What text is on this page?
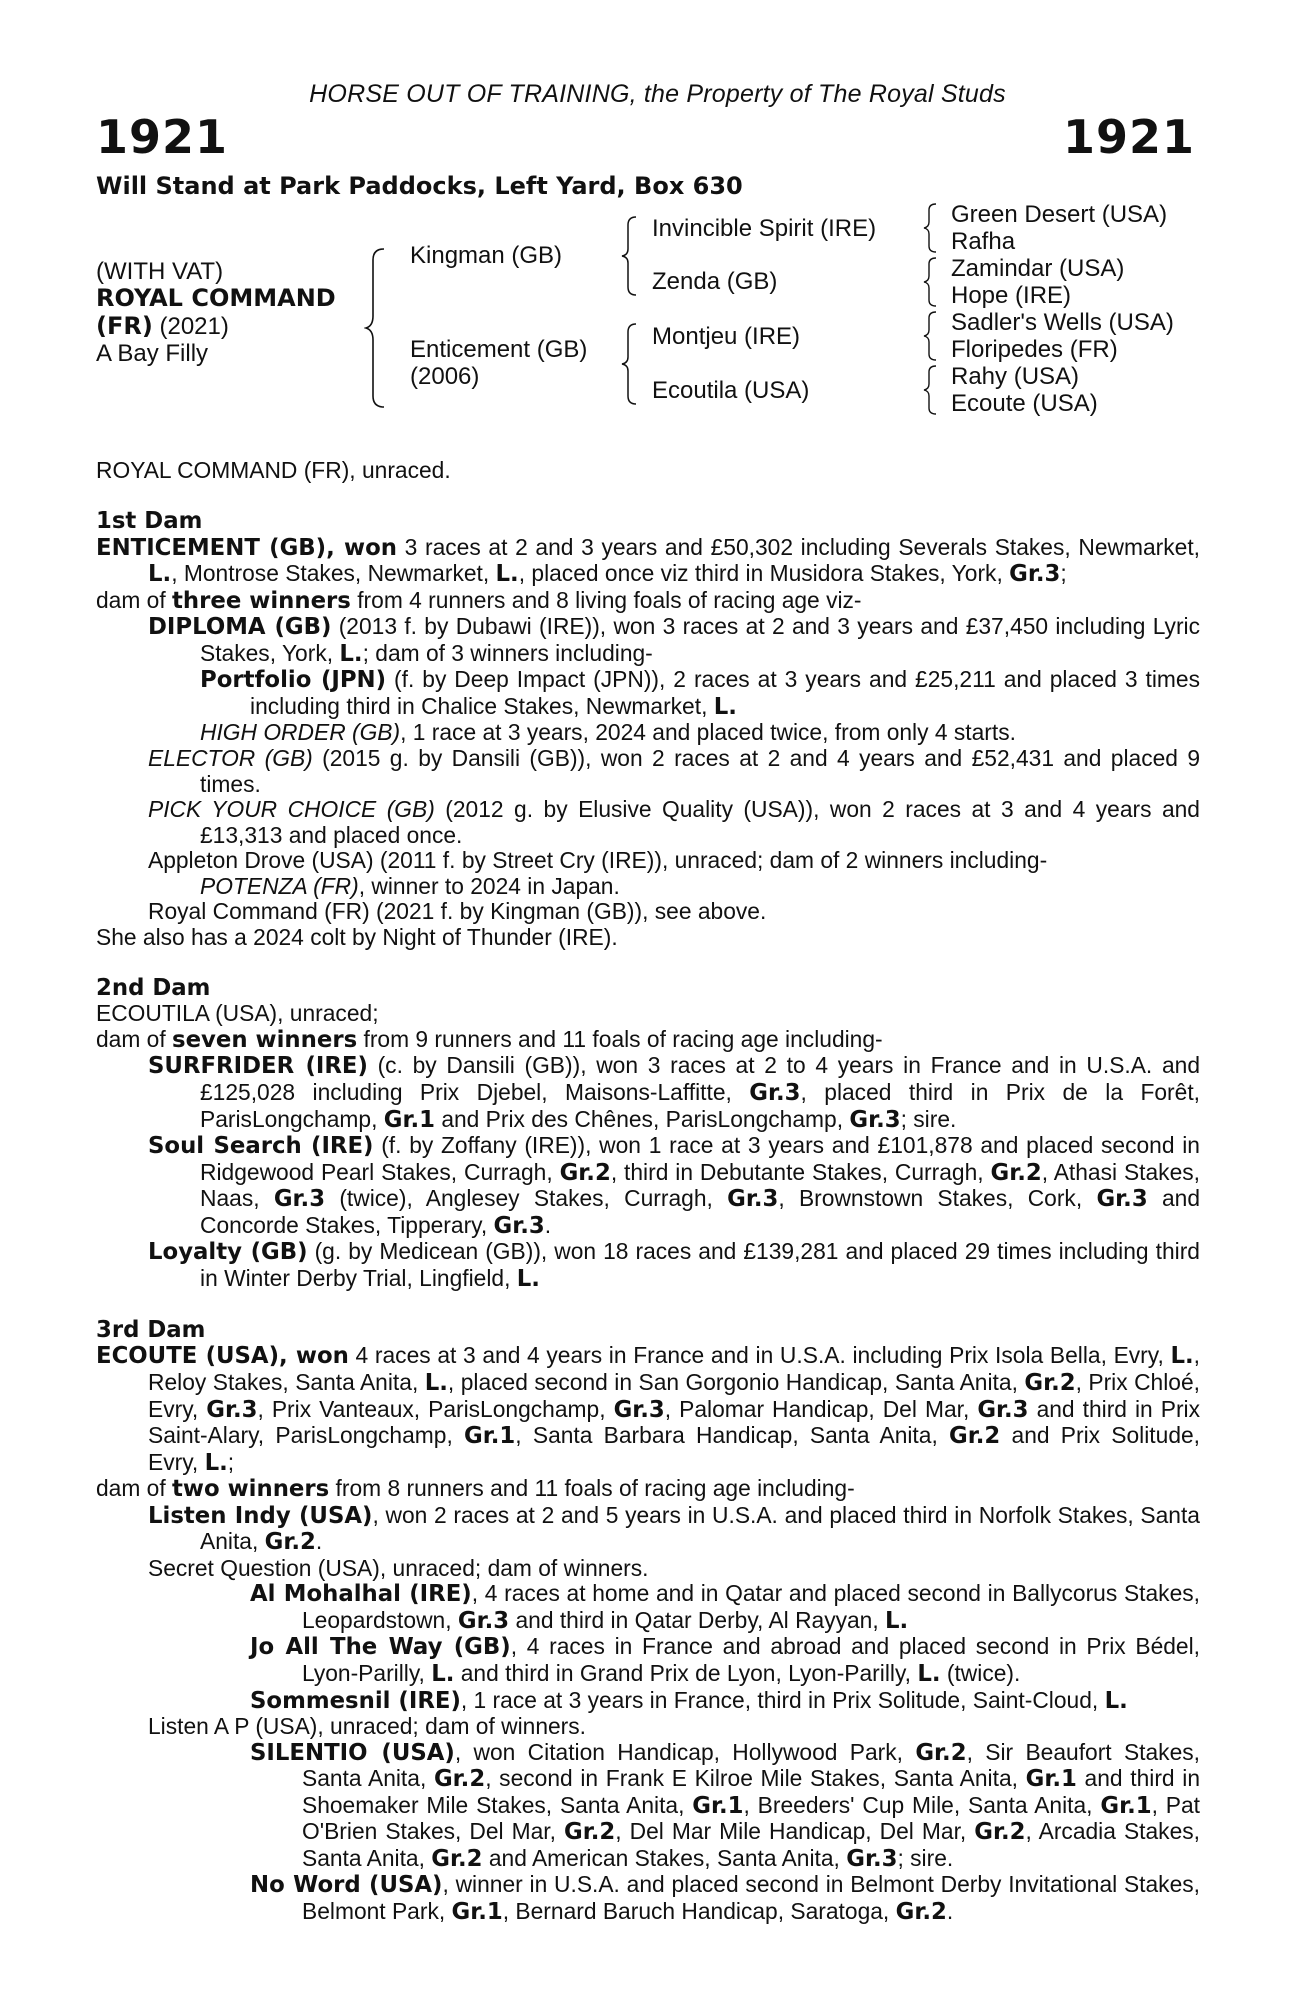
HORSE OUT OF TRAINING, the Property of The Royal Studs
1921	1921
Will Stand at Park Paddocks, Left Yard, Box 630
(WITH VAT)
ROYAL COMMAND
(FR) (2021)
A Bay Filly
Kingman (GB)
Enticement (GB)
(2006)
Invincible Spirit (IRE)
Zenda (GB)
Montjeu (IRE)
Ecoutila (USA)
Green Desert (USA)
Rafha
Zamindar (USA)
Hope (IRE)
Sadler's Wells (USA)
Floripedes (FR)
Rahy (USA)
Ecoute (USA)

ROYAL COMMAND (FR), unraced.

1st Dam

ENTICEMENT (GB), won 3 races at 2 and 3 years and £50,302 including Severals Stakes, Newmarket, L., Montrose Stakes, Newmarket, L., placed once viz third in Musidora Stakes, York, Gr.3;

dam of three winners from 4 runners and 8 living foals of racing age viz-

DIPLOMA (GB) (2013 f. by Dubawi (IRE)), won 3 races at 2 and 3 years and £37,450 including Lyric Stakes, York, L.; dam of 3 winners including-

Portfolio (JPN) (f. by Deep Impact (JPN)), 2 races at 3 years and £25,211 and placed 3 times including third in Chalice Stakes, Newmarket, L.

HIGH ORDER (GB), 1 race at 3 years, 2024 and placed twice, from only 4 starts.

ELECTOR (GB) (2015 g. by Dansili (GB)), won 2 races at 2 and 4 years and £52,431 and placed 9 times.

PICK YOUR CHOICE (GB) (2012 g. by Elusive Quality (USA)), won 2 races at 3 and 4 years and £13,313 and placed once.

Appleton Drove (USA) (2011 f. by Street Cry (IRE)), unraced; dam of 2 winners including-

POTENZA (FR), winner to 2024 in Japan.

Royal Command (FR) (2021 f. by Kingman (GB)), see above.

She also has a 2024 colt by Night of Thunder (IRE).

2nd Dam

ECOUTILA (USA), unraced;

dam of seven winners from 9 runners and 11 foals of racing age including-

SURFRIDER (IRE) (c. by Dansili (GB)), won 3 races at 2 to 4 years in France and in U.S.A. and £125,028 including Prix Djebel, Maisons-Laffitte, Gr.3, placed third in Prix de la Forêt, ParisLongchamp, Gr.1 and Prix des Chênes, ParisLongchamp, Gr.3; sire.

Soul Search (IRE) (f. by Zoffany (IRE)), won 1 race at 3 years and £101,878 and placed second in Ridgewood Pearl Stakes, Curragh, Gr.2, third in Debutante Stakes, Curragh, Gr.2, Athasi Stakes, Naas, Gr.3 (twice), Anglesey Stakes, Curragh, Gr.3, Brownstown Stakes, Cork, Gr.3 and Concorde Stakes, Tipperary, Gr.3.

Loyalty (GB) (g. by Medicean (GB)), won 18 races and £139,281 and placed 29 times including third in Winter Derby Trial, Lingfield, L.

3rd Dam

ECOUTE (USA), won 4 races at 3 and 4 years in France and in U.S.A. including Prix Isola Bella, Evry, L., Reloy Stakes, Santa Anita, L., placed second in San Gorgonio Handicap, Santa Anita, Gr.2, Prix Chloé, Evry, Gr.3, Prix Vanteaux, ParisLongchamp, Gr.3, Palomar Handicap, Del Mar, Gr.3 and third in Prix Saint-Alary, ParisLongchamp, Gr.1, Santa Barbara Handicap, Santa Anita, Gr.2 and Prix Solitude, Evry, L.;

dam of two winners from 8 runners and 11 foals of racing age including-

Listen Indy (USA), won 2 races at 2 and 5 years in U.S.A. and placed third in Norfolk Stakes, Santa Anita, Gr.2.

Secret Question (USA), unraced; dam of winners.

Al Mohalhal (IRE), 4 races at home and in Qatar and placed second in Ballycorus Stakes, Leopardstown, Gr.3 and third in Qatar Derby, Al Rayyan, L.

Jo All The Way (GB), 4 races in France and abroad and placed second in Prix Bédel, Lyon-Parilly, L. and third in Grand Prix de Lyon, Lyon-Parilly, L. (twice).

Sommesnil (IRE), 1 race at 3 years in France, third in Prix Solitude, Saint-Cloud, L.

Listen A P (USA), unraced; dam of winners.

SILENTIO (USA), won Citation Handicap, Hollywood Park, Gr.2, Sir Beaufort Stakes, Santa Anita, Gr.2, second in Frank E Kilroe Mile Stakes, Santa Anita, Gr.1 and third in Shoemaker Mile Stakes, Santa Anita, Gr.1, Breeders' Cup Mile, Santa Anita, Gr.1, Pat O'Brien Stakes, Del Mar, Gr.2, Del Mar Mile Handicap, Del Mar, Gr.2, Arcadia Stakes, Santa Anita, Gr.2 and American Stakes, Santa Anita, Gr.3; sire.

No Word (USA), winner in U.S.A. and placed second in Belmont Derby Invitational Stakes, Belmont Park, Gr.1, Bernard Baruch Handicap, Saratoga, Gr.2.
